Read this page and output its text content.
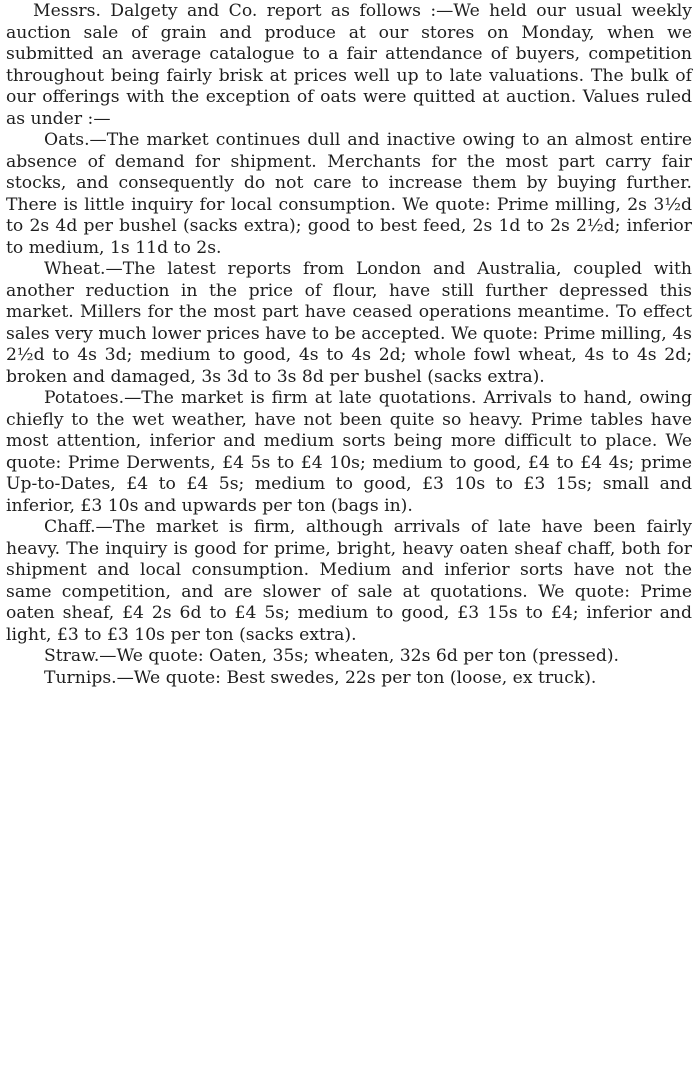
Messrs. Dalgety and Co. report as follows :—We held our usual weekly auction sale of grain and produce at our stores on Monday, when we submitted an average catalogue to a fair attendance of buyers, competition throughout being fairly brisk at prices well up to late valuations. The bulk of our offerings with the exception of oats were quitted at auction. Values ruled as under :—

Oats.—The market continues dull and inactive owing to an almost entire absence of demand for shipment. Merchants for the most part carry fair stocks, and consequently do not care to increase them by buying further. There is little inquiry for local consumption. We quote: Prime milling, 2s 3½d to 2s 4d per bushel (sacks extra); good to best feed, 2s 1d to 2s 2½d; inferior to medium, 1s 11d to 2s.

Wheat.—The latest reports from London and Australia, coupled with another reduction in the price of flour, have still further depressed this market. Millers for the most part have ceased operations meantime. To effect sales very much lower prices have to be accepted. We quote: Prime milling, 4s 2½d to 4s 3d; medium to good, 4s to 4s 2d; whole fowl wheat, 4s to 4s 2d; broken and damaged, 3s 3d to 3s 8d per bushel (sacks extra).

Potatoes.—The market is firm at late quotations. Arrivals to hand, owing chiefly to the wet weather, have not been quite so heavy. Prime tables have most attention, inferior and medium sorts being more difficult to place. We quote: Prime Derwents, £4 5s to £4 10s; medium to good, £4 to £4 4s; prime Up-to-Dates, £4 to £4 5s; medium to good, £3 10s to £3 15s; small and inferior, £3 10s and upwards per ton (bags in).

Chaff.—The market is firm, although arrivals of late have been fairly heavy. The inquiry is good for prime, bright, heavy oaten sheaf chaff, both for shipment and local consumption. Medium and inferior sorts have not the same competition, and are slower of sale at quotations. We quote: Prime oaten sheaf, £4 2s 6d to £4 5s; medium to good, £3 15s to £4; inferior and light, £3 to £3 10s per ton (sacks extra).

Straw.—We quote: Oaten, 35s; wheaten, 32s 6d per ton (pressed).

Turnips.—We quote: Best swedes, 22s per ton (loose, ex truck).
